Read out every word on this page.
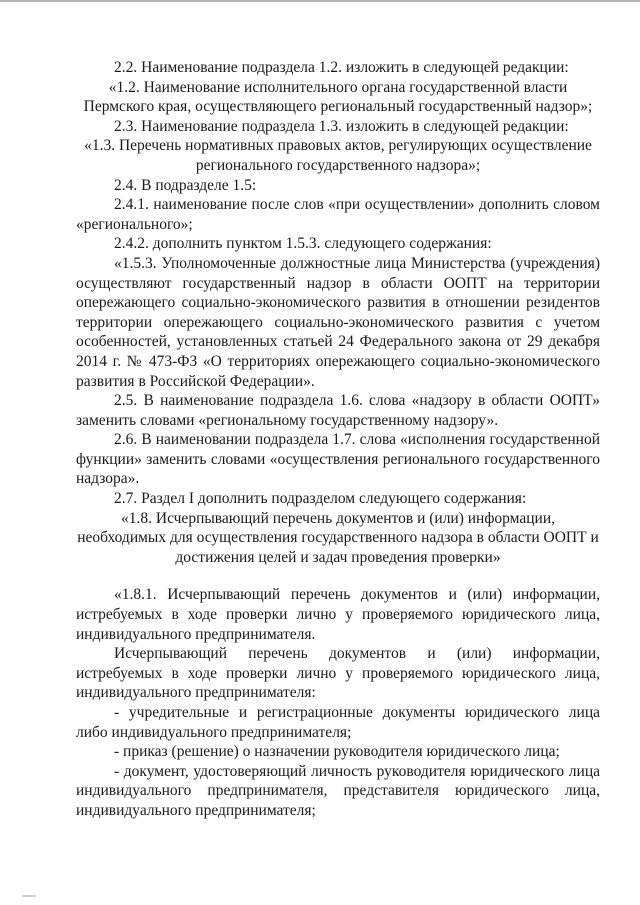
2.2. Наименование подраздела 1.2. изложить в следующей редакции:

«1.2. Наименование исполнительного органа государственной власти Пермского края, осуществляющего региональный государственный надзор»;

2.3. Наименование подраздела 1.3. изложить в следующей редакции:

«1.3. Перечень нормативных правовых актов, регулирующих осуществление регионального государственного надзора»;

2.4. В подразделе 1.5:

2.4.1. наименование после слов «при осуществлении» дополнить словом «регионального»;

2.4.2. дополнить пунктом 1.5.3. следующего содержания:

«1.5.3. Уполномоченные должностные лица Министерства (учреждения) осуществляют государственный надзор в области ООПТ на территории опережающего социально-экономического развития в отношении резидентов территории опережающего социально-экономического развития с учетом особенностей, установленных статьей 24 Федерального закона от 29 декабря 2014 г. № 473-ФЗ «О территориях опережающего социально-экономического развития в Российской Федерации».

2.5. В наименование подраздела 1.6. слова «надзору в области ООПТ» заменить словами «региональному государственному надзору».

2.6. В наименовании подраздела 1.7. слова «исполнения государственной функции» заменить словами «осуществления регионального государственного надзора».

2.7. Раздел I дополнить подразделом следующего содержания:

«1.8. Исчерпывающий перечень документов и (или) информации, необходимых для осуществления государственного надзора в области ООПТ и достижения целей и задач проведения проверки»

«1.8.1. Исчерпывающий перечень документов и (или) информации, истребуемых в ходе проверки лично у проверяемого юридического лица, индивидуального предпринимателя.

Исчерпывающий перечень документов и (или) информации, истребуемых в ходе проверки лично у проверяемого юридического лица, индивидуального предпринимателя:

- учредительные и регистрационные документы юридического лица либо индивидуального предпринимателя;

- приказ (решение) о назначении руководителя юридического лица;

- документ, удостоверяющий личность руководителя юридического лица индивидуального предпринимателя, представителя юридического лица, индивидуального предпринимателя;
